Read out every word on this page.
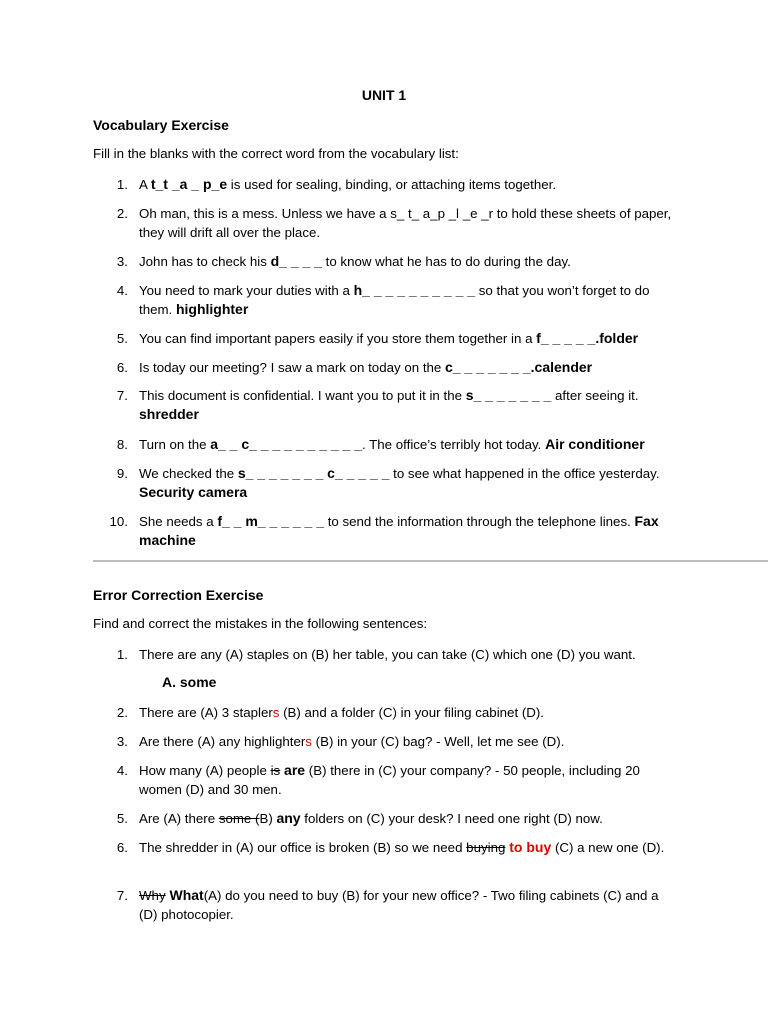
UNIT 1
Vocabulary Exercise
Fill in the blanks with the correct word from the vocabulary list:
1. A t_t _a _ p_e is used for sealing, binding, or attaching items together.
2. Oh man, this is a mess. Unless we have a s_ t_ a_p _l _e _r to hold these sheets of paper, they will drift all over the place.
3. John has to check his d_ _ _ _ to know what he has to do during the day.
4. You need to mark your duties with a h_ _ _ _ _ _ _ _ _ _ so that you won’t forget to do them. highlighter
5. You can find important papers easily if you store them together in a f_ _ _ _ _.folder
6. Is today our meeting? I saw a mark on today on the c_ _ _ _ _ _ _.calender
7. This document is confidential. I want you to put it in the s_ _ _ _ _ _ _ after seeing it. shredder
8. Turn on the a_ _ c_ _ _ _ _ _ _ _ _ _. The office’s terribly hot today. Air conditioner
9. We checked the s_ _ _ _ _ _ _ c_ _ _ _ _ to see what happened in the office yesterday. Security camera
10. She needs a f_ _ m_ _ _ _ _ _ to send the information through the telephone lines. Fax machine
Error Correction Exercise
Find and correct the mistakes in the following sentences:
1. There are any (A) staples on (B) her table, you can take (C) which one (D) you want.
A. some
2. There are (A) 3 staplers (B) and a folder (C) in your filing cabinet (D).
3. Are there (A) any highlighters (B) in your (C) bag? - Well, let me see (D).
4. How many (A) people is are (B) there in (C) your company? - 50 people, including 20 women (D) and 30 men.
5. Are (A) there some (B) any folders on (C) your desk? I need one right (D) now.
6. The shredder in (A) our office is broken (B) so we need buying to buy (C) a new one (D).
7. Why What(A) do you need to buy (B) for your new office? - Two filing cabinets (C) and a (D) photocopier.
